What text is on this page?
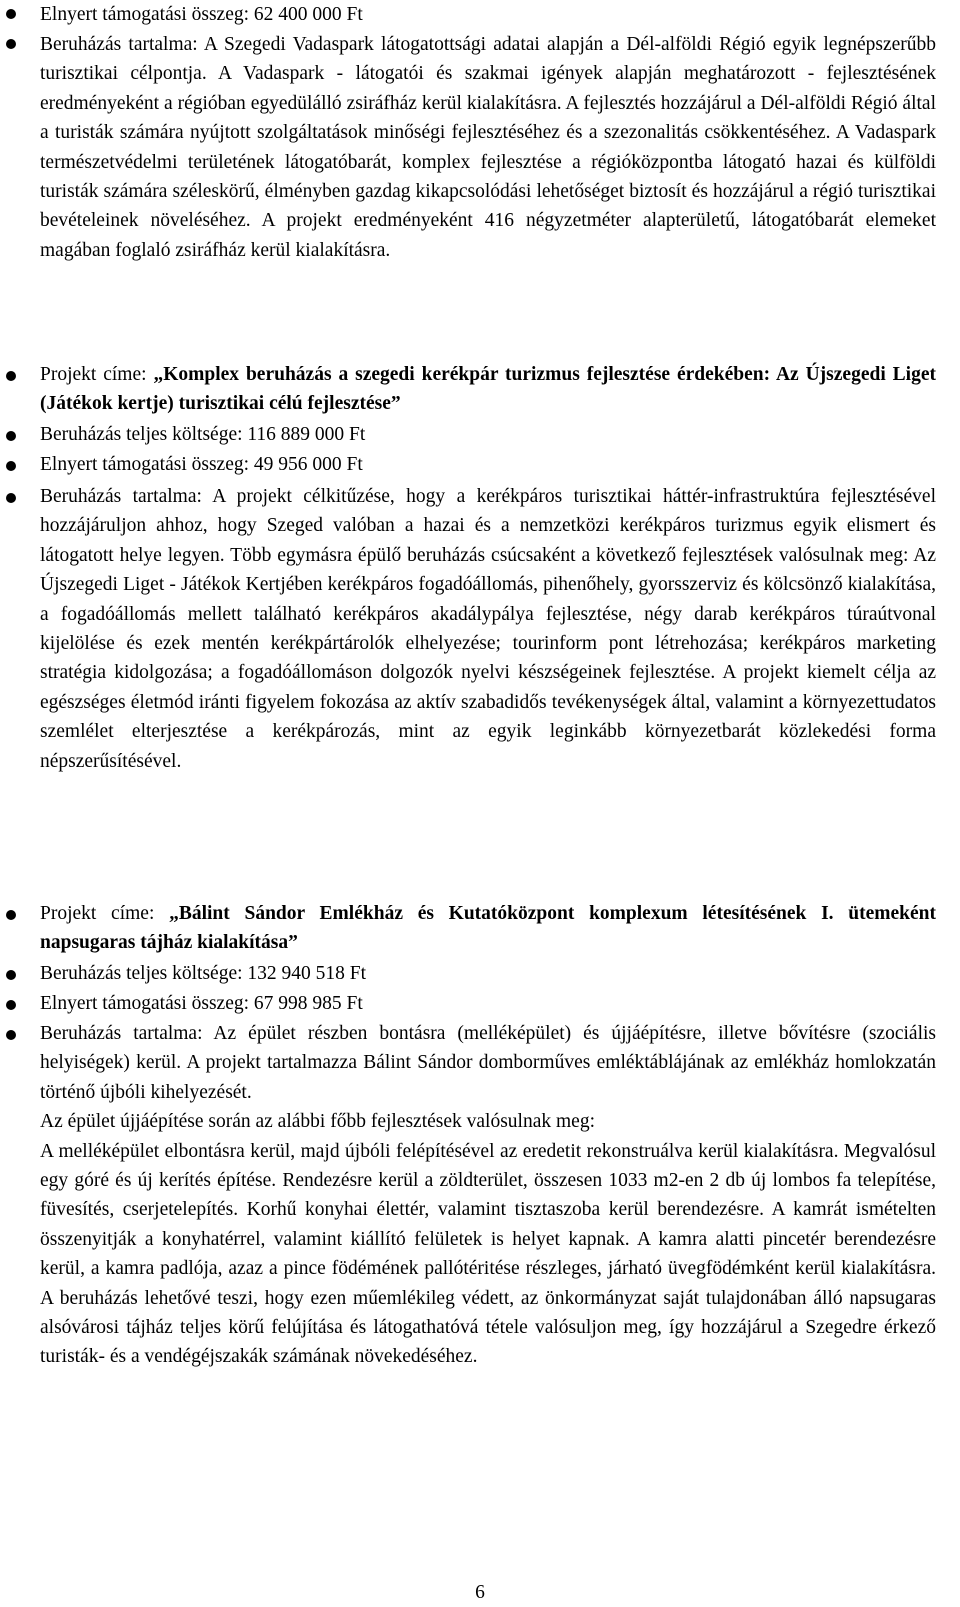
Elnyert támogatási összeg: 62 400 000 Ft

Beruházás tartalma: A Szegedi Vadaspark látogatottsági adatai alapján a Dél-alföldi Régió egyik legnépszerűbb turisztikai célpontja. A Vadaspark - látogatói és szakmai igények alapján meghatározott - fejlesztésének eredményeként a régióban egyedülálló zsiráfház kerül kialakításra. A fejlesztés hozzájárul a Dél-alföldi Régió által a turisták számára nyújtott szolgáltatások minőségi fejlesztéséhez és a szezonalitás csökkentéséhez. A Vadaspark természetvédelmi területének látogatóbarát, komplex fejlesztése a régióközpontba látogató hazai és külföldi turisták számára széleskörű, élményben gazdag kikapcsolódási lehetőséget biztosít és hozzájárul a régió turisztikai bevételeinek növeléséhez. A projekt eredményeként 416 négyzetméter alapterületű, látogatóbarát elemeket magában foglaló zsiráfház kerül kialakításra.

Projekt címe: „Komplex beruházás a szegedi kerékpár turizmus fejlesztése érdekében: Az Újszegedi Liget (Játékok kertje) turisztikai célú fejlesztése”

Beruházás teljes költsége: 116 889 000 Ft

Elnyert támogatási összeg: 49 956 000 Ft

Beruházás tartalma: A projekt célkitűzése, hogy a kerékpáros turisztikai háttér-infrastruktúra fejlesztésével hozzájáruljon ahhoz, hogy Szeged valóban a hazai és a nemzetközi kerékpáros turizmus egyik elismert és látogatott helye legyen. Több egymásra épülő beruházás csúcsaként a következő fejlesztések valósulnak meg: Az Újszegedi Liget - Játékok Kertjében kerékpáros fogadóállomás, pihenőhely, gyorsszerviz és kölcsönző kialakítása, a fogadóállomás mellett található kerékpáros akadálypálya fejlesztése, négy darab kerékpáros túraútvonal kijelölése és ezek mentén kerékpártárolók elhelyezése; tourinform pont létrehozása; kerékpáros marketing stratégia kidolgozása; a fogadóállomáson dolgozók nyelvi készségeinek fejlesztése. A projekt kiemelt célja az egészséges életmód iránti figyelem fokozása az aktív szabadidős tevékenységek által, valamint a környezettudatos szemlélet elterjesztése a kerékpározás, mint az egyik leginkább környezetbarát közlekedési forma népszerűsítésével.

Projekt címe: „Bálint Sándor Emlékház és Kutatóközpont komplexum létesítésének I. ütemeként napsugaras tájház kialakítása”

Beruházás teljes költsége: 132 940 518 Ft

Elnyert támogatási összeg: 67 998 985 Ft

Beruházás tartalma: Az épület részben bontásra (melléképület) és újjáépítésre, illetve bővítésre (szociális helyiségek) kerül. A projekt tartalmazza Bálint Sándor domborműves emléktáblájának az emlékház homlokzatán történő újbóli kihelyezését.
Az épület újjáépítése során az alábbi főbb fejlesztések valósulnak meg:
A melléképület elbontásra kerül, majd újbóli felépítésével az eredetit rekonstruálva kerül kialakításra. Megvalósul egy góré és új kerítés építése. Rendezésre kerül a zöldterület, összesen 1033 m2-en 2 db új lombos fa telepítése, füvesítés, cserjetelepítés. Korhű konyhai élettér, valamint tisztaszoba kerül berendezésre. A kamrát ismételten összenyitják a konyhatérrel, valamint kiállító felületek is helyet kapnak. A kamra alatti pincetér berendezésre kerül, a kamra padlója, azaz a pince födémének pallótéritése részleges, járható üvegfödémként kerül kialakításra. A beruházás lehetővé teszi, hogy ezen műemlékileg védett, az önkormányzat saját tulajdonában álló napsugaras alsóvárosi tájház teljes körű felújítása és látogathatóvá tétele valósuljon meg, így hozzájárul a Szegedre érkező turisták- és a vendégéjszakák számának növekedéséhez.
6
